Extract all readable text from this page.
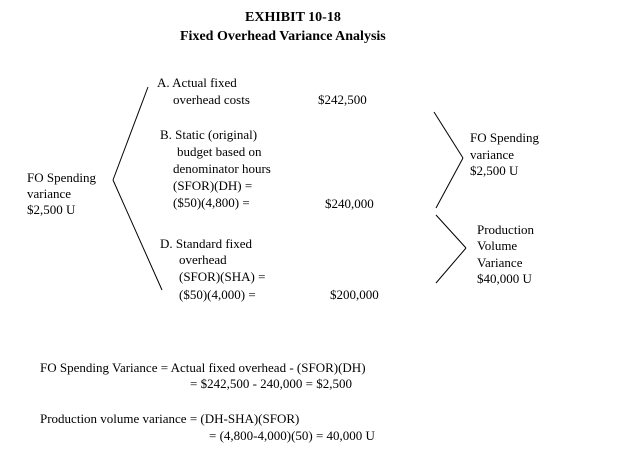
EXHIBIT 10-18
Fixed Overhead Variance Analysis
FO Spending
variance
$2,500 U
A. Actual fixed
overhead costs	$242,500
B. Static (original)
budget based on
denominator hours
(SFOR)(DH) =
($50)(4,800) =	$240,000
D. Standard fixed
overhead
(SFOR)(SHA) =
($50)(4,000) =	$200,000
FO Spending
variance
$2,500 U
Production
Volume
Variance
$40,000 U
FO Spending Variance = Actual fixed overhead - (SFOR)(DH)
= $242,500 - 240,000 = $2,500
Production volume variance = (DH-SHA)(SFOR)
= (4,800-4,000)(50) = 40,000 U
